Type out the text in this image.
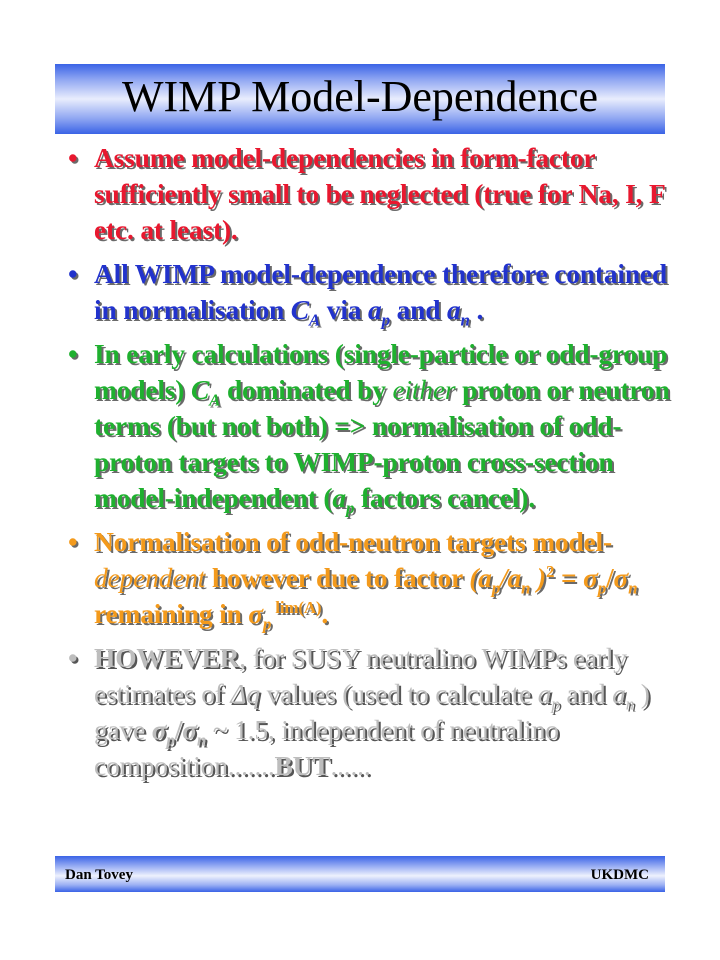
WIMP Model-Dependence
• Assume model-dependencies in form-factor sufficiently small to be neglected (true for Na, I, F etc. at least).
• All WIMP model-dependence therefore contained in normalisation $C_A$ via $a_p$ and $a_n$ .
• In early calculations (single-particle or odd-group models) $C_A$ dominated by either proton or neutron terms (but not both) => normalisation of odd-proton targets to WIMP-proton cross-section model-independent ($a_p$ factors cancel).
• Normalisation of odd-neutron targets model-dependent however due to factor ($a_p/a_n$ )$^2 = \sigma_p/\sigma_n$ remaining in $\sigma_p$ $^{lim(A)}$.
• HOWEVER, for SUSY neutralino WIMPs early estimates of Δq values (used to calculate $a_p$ and $a_n$ ) gave $\sigma_p/\sigma_n$ ~ 1.5, independent of neutralino composition.......BUT......
Dan Tovey	UKDMC
